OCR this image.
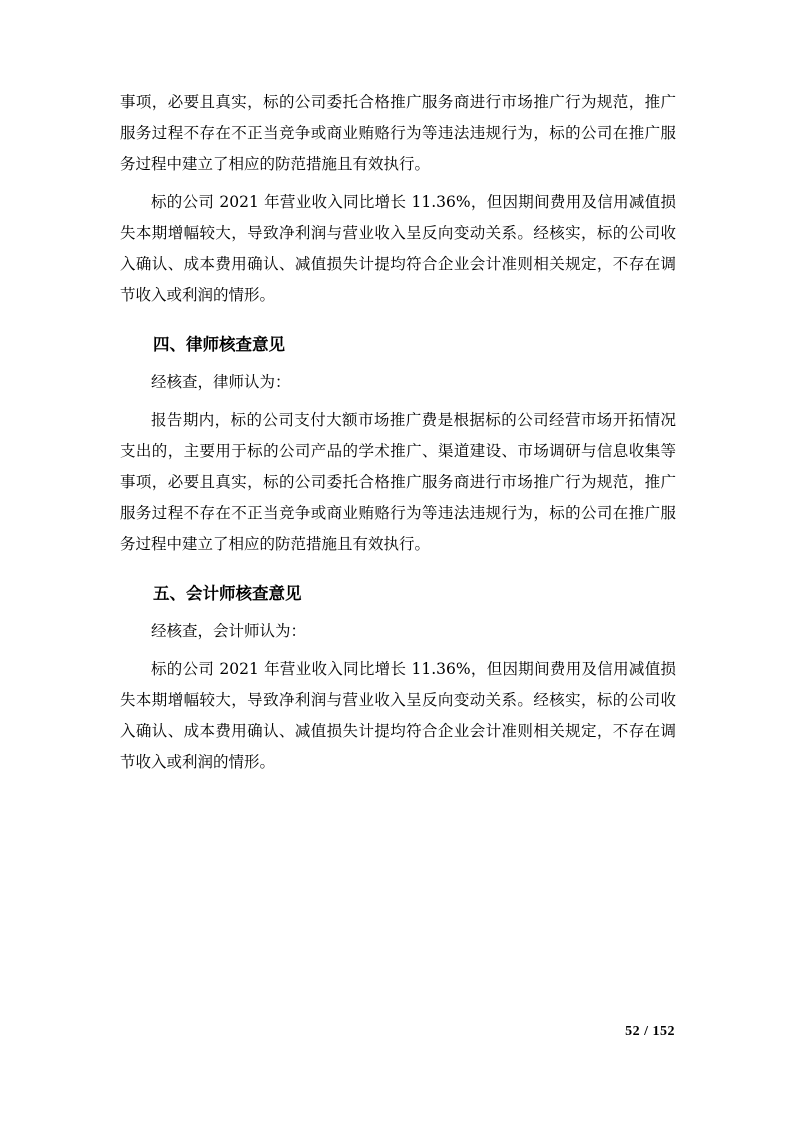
事项，必要且真实，标的公司委托合格推广服务商进行市场推广行为规范，推广服务过程不存在不正当竞争或商业贿赂行为等违法违规行为，标的公司在推广服务过程中建立了相应的防范措施且有效执行。

标的公司 2021 年营业收入同比增长 11.36%，但因期间费用及信用减值损失本期增幅较大，导致净利润与营业收入呈反向变动关系。经核实，标的公司收入确认、成本费用确认、减值损失计提均符合企业会计准则相关规定，不存在调节收入或利润的情形。

四、律师核查意见

经核查，律师认为：

报告期内，标的公司支付大额市场推广费是根据标的公司经营市场开拓情况支出的，主要用于标的公司产品的学术推广、渠道建设、市场调研与信息收集等事项，必要且真实，标的公司委托合格推广服务商进行市场推广行为规范，推广服务过程不存在不正当竞争或商业贿赂行为等违法违规行为，标的公司在推广服务过程中建立了相应的防范措施且有效执行。

五、会计师核查意见

经核查，会计师认为：

标的公司 2021 年营业收入同比增长 11.36%，但因期间费用及信用减值损失本期增幅较大，导致净利润与营业收入呈反向变动关系。经核实，标的公司收入确认、成本费用确认、减值损失计提均符合企业会计准则相关规定，不存在调节收入或利润的情形。

52 / 152
